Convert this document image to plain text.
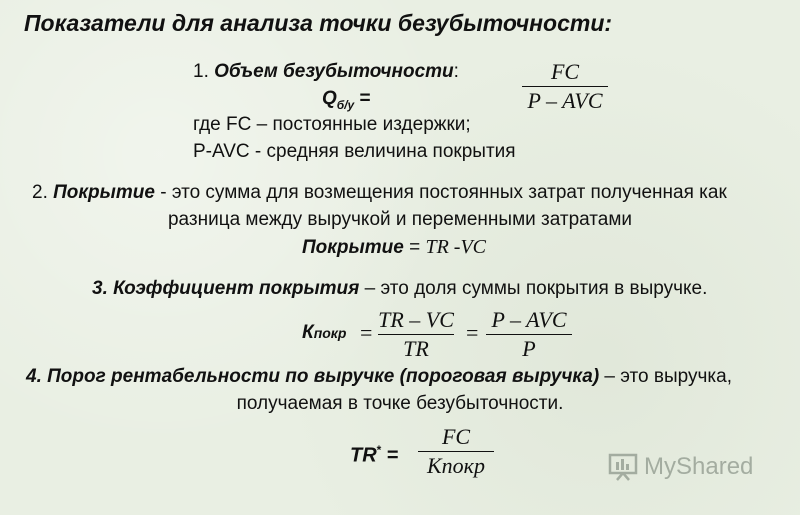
Показатели для анализа точки безубыточности:
1. Объем безубыточности:
$Q_{б/у}$ =
FC
P – AVC
где FC – постоянные издержки;
P-AVC - средняя величина покрытия
2. Покрытие - это сумма для возмещения постоянных затрат полученная как
разница между выручкой и переменными затратами
Покрытие = TR -VC
3. Коэффициент покрытия – это доля суммы покрытия в выручке.
Кпокр =
TR – VC
TR
=
P – AVC
P
4. Порог рентабельности по выручке (пороговая выручка) – это выручка,
получаемая в точке безубыточности.
TR* =
FC
Кпокр	MyShared
